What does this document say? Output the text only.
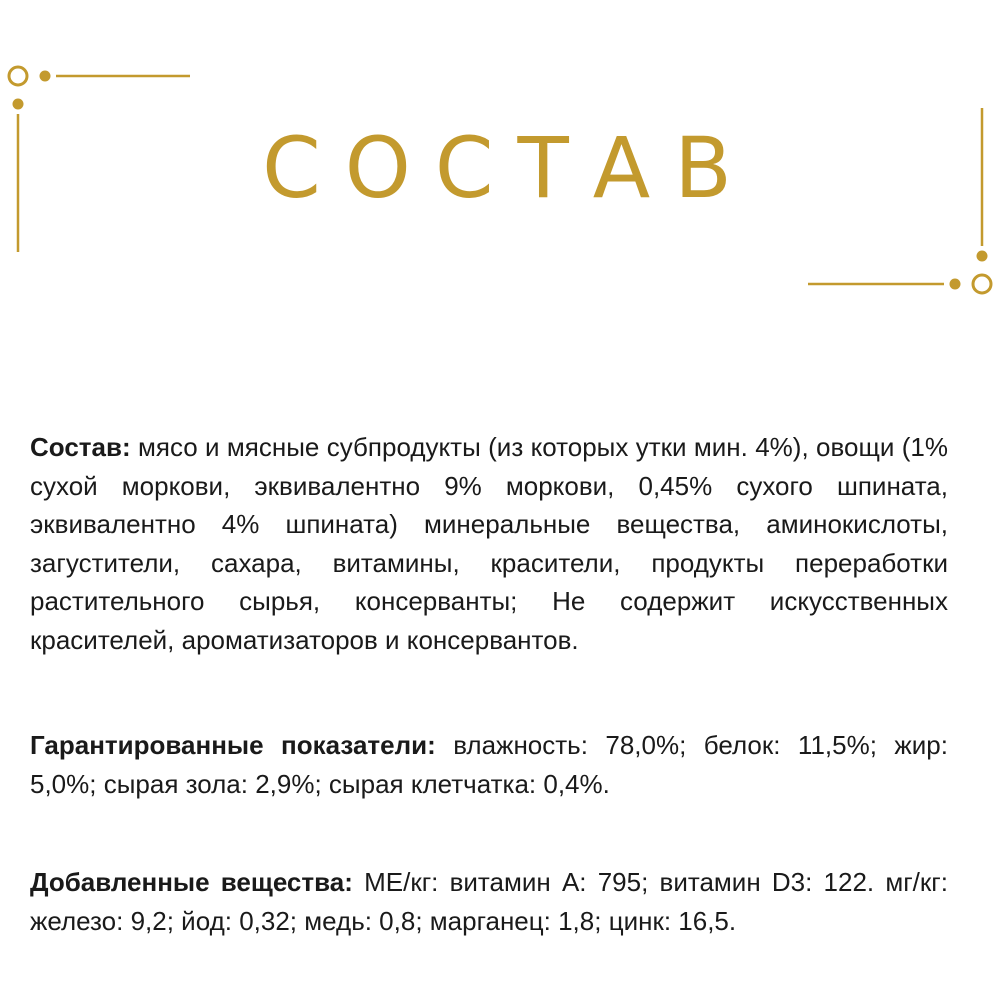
СОСТАВ

Состав: мясо и мясные субпродукты (из которых утки мин. 4%), овощи (1% сухой моркови, эквивалентно 9% моркови, 0,45% сухого шпината, эквивалентно 4% шпината) минеральные вещества, аминокислоты, загустители, сахара, витамины, красители, продукты переработки растительного сырья, консерванты; Не содержит искусственных красителей, ароматизаторов и консервантов.

Гарантированные показатели: влажность: 78,0%; белок: 11,5%; жир: 5,0%; сырая зола: 2,9%; сырая клетчатка: 0,4%.

Добавленные вещества: МЕ/кг: витамин А: 795; витамин D3: 122. мг/кг: железо: 9,2; йод: 0,32; медь: 0,8; марганец: 1,8; цинк: 16,5.
